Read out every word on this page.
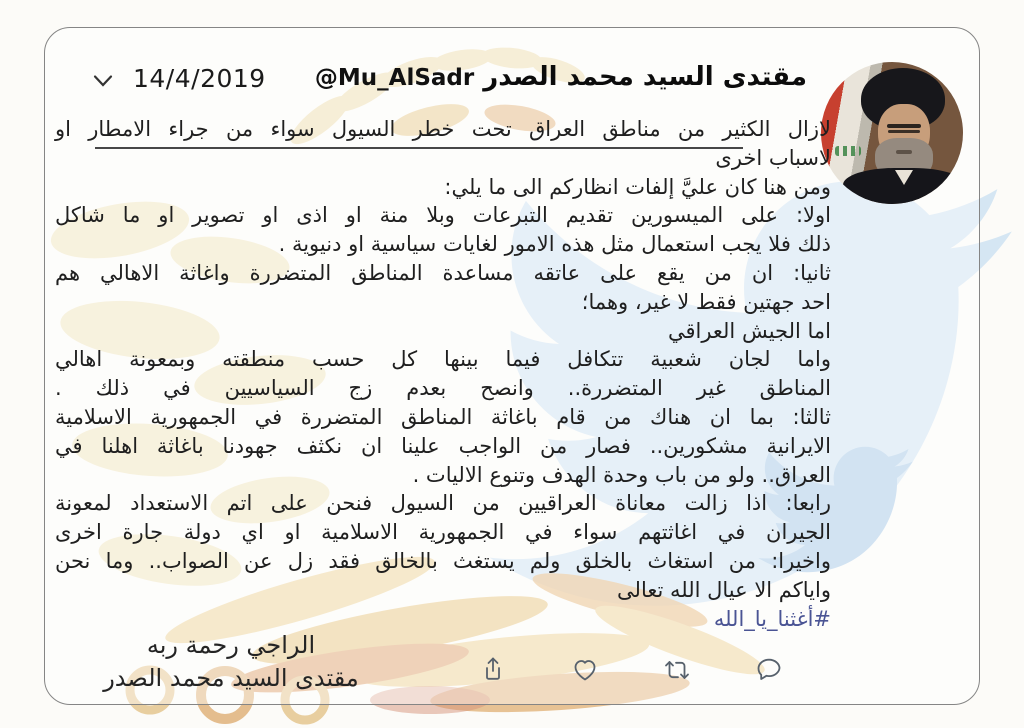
14/4/2019	مقتدى السيد محمد الصدر
@Mu_AlSadr
لازال الكثير من مناطق العراق تحت خطر السيول سواء من جراء الامطار او
لاسباب اخرى
ومن هنا كان عليَّ إلفات انظاركم الى ما يلي:
اولا: على الميسورين تقديم التبرعات وبلا منة او اذى او تصوير او ما شاكل
ذلك فلا يجب استعمال مثل هذه الامور لغايات سياسية او دنيوية .
ثانيا: ان من يقع على عاتقه مساعدة المناطق المتضررة واغاثة الاهالي هم
احد جهتين فقط لا غير، وهما؛
اما الجيش العراقي
واما لجان شعبية تتكافل فيما بينها كل حسب منطقته وبمعونة اهالي
المناطق غير المتضررة.. وانصح بعدم زج السياسيين في ذلك .
ثالثا: بما ان هناك من قام باغاثة المناطق المتضررة في الجمهورية الاسلامية
الايرانية مشكورين.. فصار من الواجب علينا ان نكثف جهودنا باغاثة اهلنا في
العراق.. ولو من باب وحدة الهدف وتنوع الاليات .
رابعا: اذا زالت معاناة العراقيين من السيول فنحن على اتم الاستعداد لمعونة
الجيران في اغاثتهم سواء في الجمهورية الاسلامية او اي دولة جارة اخرى
واخيرا: من استغاث بالخلق ولم يستغث بالخالق فقد زل عن الصواب.. وما نحن
واياكم الا عيال الله تعالى
#أغثنا_يا_الله
الراجي رحمة ربه
مقتدى السيد محمد الصدر
